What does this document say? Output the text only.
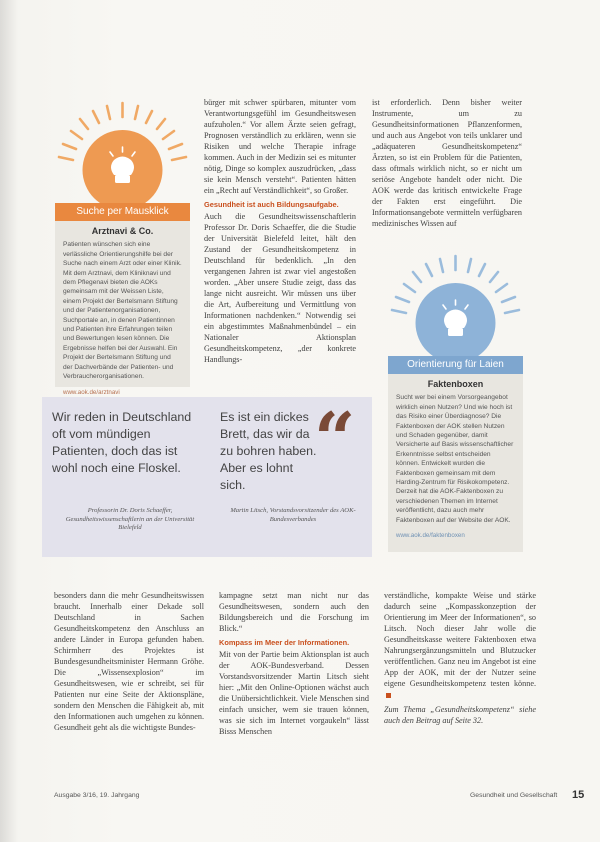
Suche per Mausklick
Arztnavi & Co.
Patienten wünschen sich eine verlässliche Orientierungshilfe bei der Suche nach einem Arzt oder einer Klinik. Mit dem Arztnavi, dem Kliniknavi und dem Pflegenavi bieten die AOKs gemeinsam mit der Weissen Liste, einem Projekt der Bertelsmann Stiftung und der Patientenorganisationen, Suchportale an, in denen Patientinnen und Patienten ihre Erfahrungen teilen und Bewertungen lesen können. Die Ergebnisse helfen bei der Auswahl. Ein Projekt der Bertelsmann Stiftung und der Dachverbände der Patienten- und Verbraucherorganisationen.
www.aok.de/arztnavi

bürger mit schwer spürbaren, mitunter vom Verantwortungsgefühl im Gesundheitswesen aufzuholen.“ Vor allem Ärzte seien gefragt, Prognosen verständlich zu erklären, wenn sie Risiken und welche Therapie infrage kommen. Auch in der Medizin sei es mitunter nötig, Dinge so komplex auszudrücken, „dass sie kein Mensch versteht“. Patienten hätten ein „Recht auf Verständlichkeit“, so Großer.

Gesundheit ist auch Bildungsaufgabe.

Auch die Gesundheitswissenschaftlerin Professor Dr. Doris Schaeffer, die die Studie der Universität Bielefeld leitet, hält den Zustand der Gesundheitskompetenz in Deutschland für bedenklich. „In den vergangenen Jahren ist zwar viel angestoßen worden. „Aber unsere Studie zeigt, dass das lange nicht ausreicht. Wir müssen uns über die Art, Aufbereitung und Vermittlung von Informationen nachdenken.“ Notwendig sei ein abgestimmtes Maßnahmenbündel – ein Nationaler Aktionsplan Gesundheitskompetenz, „der konkrete Handlungs-

ist erforderlich. Denn bisher weiter Instrumente, um zu Gesundheitsinformationen Pflanzenformen, und auch aus Angebot von teils unklarer und „adäquateren Gesundheitskompetenz“ Ärzten, so ist ein Problem für die Patienten, dass oftmals wirklich nicht, so er nicht um seriöse Angebote handelt oder nicht. Die AOK werde das kritisch entwickelte Frage der Fakten erst eingeführt. Die Informationsangebote vermitteln verfügbaren medizinisches Wissen auf

Orientierung für Laien
Faktenboxen
Sucht wer bei einem Vorsorgeangebot wirklich einen Nutzen? Und wie hoch ist das Risiko einer Überdiagnose? Die Faktenboxen der AOK stellen Nutzen und Schaden gegenüber, damit Versicherte auf Basis wissenschaftlicher Erkenntnisse selbst entscheiden können. Entwickelt wurden die Faktenboxen gemeinsam mit dem Harding-Zentrum für Risikokompetenz. Derzeit hat die AOK-Faktenboxen zu verschiedenen Themen im Internet veröffentlicht, dazu auch mehr Faktenboxen auf der Website der AOK.
www.aok.de/faktenboxen
Wir reden in Deutschland oft vom mündigen Patienten, doch das ist wohl noch eine Floskel.
Professorin Dr. Doris Schaeffer, Gesundheitswissenschaftlerin an der Universität Bielefeld
Es ist ein dickes Brett, das wir da zu bohren haben. Aber es lohnt sich.
“
Martin Litsch, Vorstandsvorsitzender des AOK-Bundesverbandes

besonders dann die mehr Gesundheitswissen braucht. Innerhalb einer Dekade soll Deutschland in Sachen Gesundheitskompetenz den Anschluss an andere Länder in Europa gefunden haben. Schirmherr des Projektes ist Bundesgesundheitsminister Hermann Gröhe. Die „Wissensexplosion“ im Gesundheitswesen, wie er schreibt, sei für Patienten nur eine Seite der Aktionspläne, sondern den Menschen die Fähigkeit ab, mit den Informationen auch umgehen zu können. Gesundheit geht als die wichtigste Bundes-

kampagne setzt man nicht nur das Gesundheitswesen, sondern auch den Bildungsbereich und die Forschung im Blick.“

Kompass im Meer der Informationen.

Mit von der Partie beim Aktionsplan ist auch der AOK-Bundesverband. Dessen Vorstandsvorsitzender Martin Litsch sieht hier: „Mit den Online-Optionen wächst auch die Unübersichtlichkeit. Viele Menschen sind einfach unsicher, wem sie trauen können, was sie sich im Internet vorgaukeln“ lässt Bisss Menschen

verständliche, kompakte Weise und stärke dadurch seine „Kompasskonzeption der Orientierung im Meer der Informationen“, so Litsch. Noch dieser Jahr wolle die Gesundheitskasse weitere Faktenboxen etwa Nahrungsergänzungsmitteln und Blutzucker veröffentlichen. Ganz neu im Angebot ist eine App der AOK, mit der der Nutzer seine eigene Gesundheitskompetenz testen könne.

Zum Thema „Gesundheitskompetenz“ siehe auch den Beitrag auf Seite 32.

Ausgabe 3/16, 19. Jahrgang	Gesundheit und Gesellschaft 15
